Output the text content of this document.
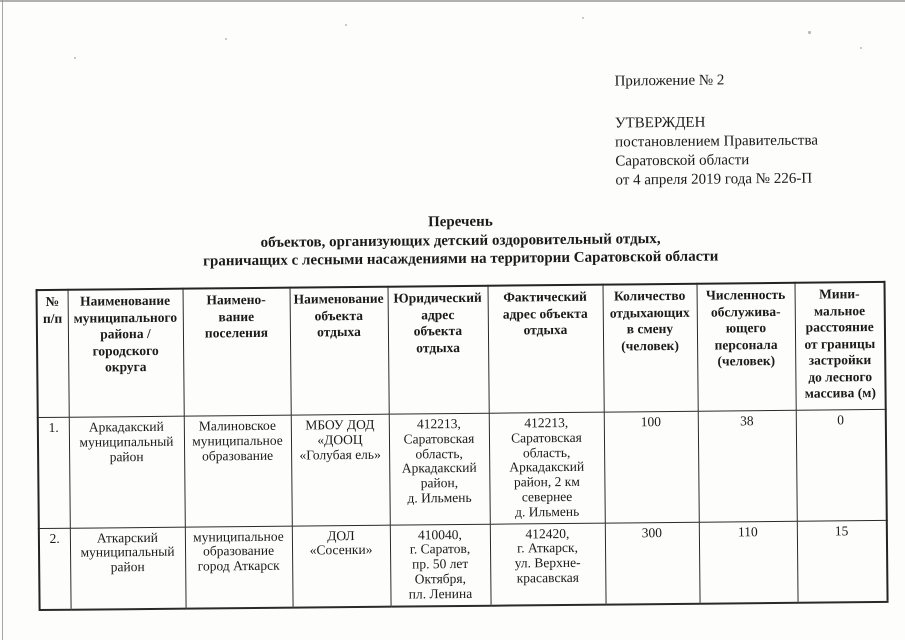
Приложение № 2
УТВЕРЖДЕН
постановлением Правительства
Саратовской области
от 4 апреля 2019 года № 226-П
Перечень
объектов, организующих детский оздоровительный отдых,
граничащих с лесными насаждениями на территории Саратовской области
№
п/п	Наименование
муниципального
района /
городского
округа	Наимено-
вание
поселения	Наименование
объекта
отдыха	Юридический
адрес
объекта
отдыха	Фактический
адрес объекта
отдыха	Количество
отдыхающих
в смену
(человек)	Численность
обслужива-
ющего
персонала
(человек)	Мини-
мальное
расстояние
от границы
застройки
до лесного
массива (м)
1.	Аркадакский
муниципальный
район	Малиновское
муниципальное
образование	МБОУ ДОД
«ДООЦ
«Голубая ель»	412213,
Саратовская
область,
Аркадакский
район,
д. Ильмень	412213,
Саратовская
область,
Аркадакский
район, 2 км
севернее
д. Ильмень	100	38	0
2.	Аткарский
муниципальный
район	муниципальное
образование
город Аткарск	ДОЛ «Сосенки»	410040,
г. Саратов,
пр. 50 лет
Октября,
пл. Ленина	412420,
г. Аткарск,
ул. Верхне-
красавская	300	110	15
